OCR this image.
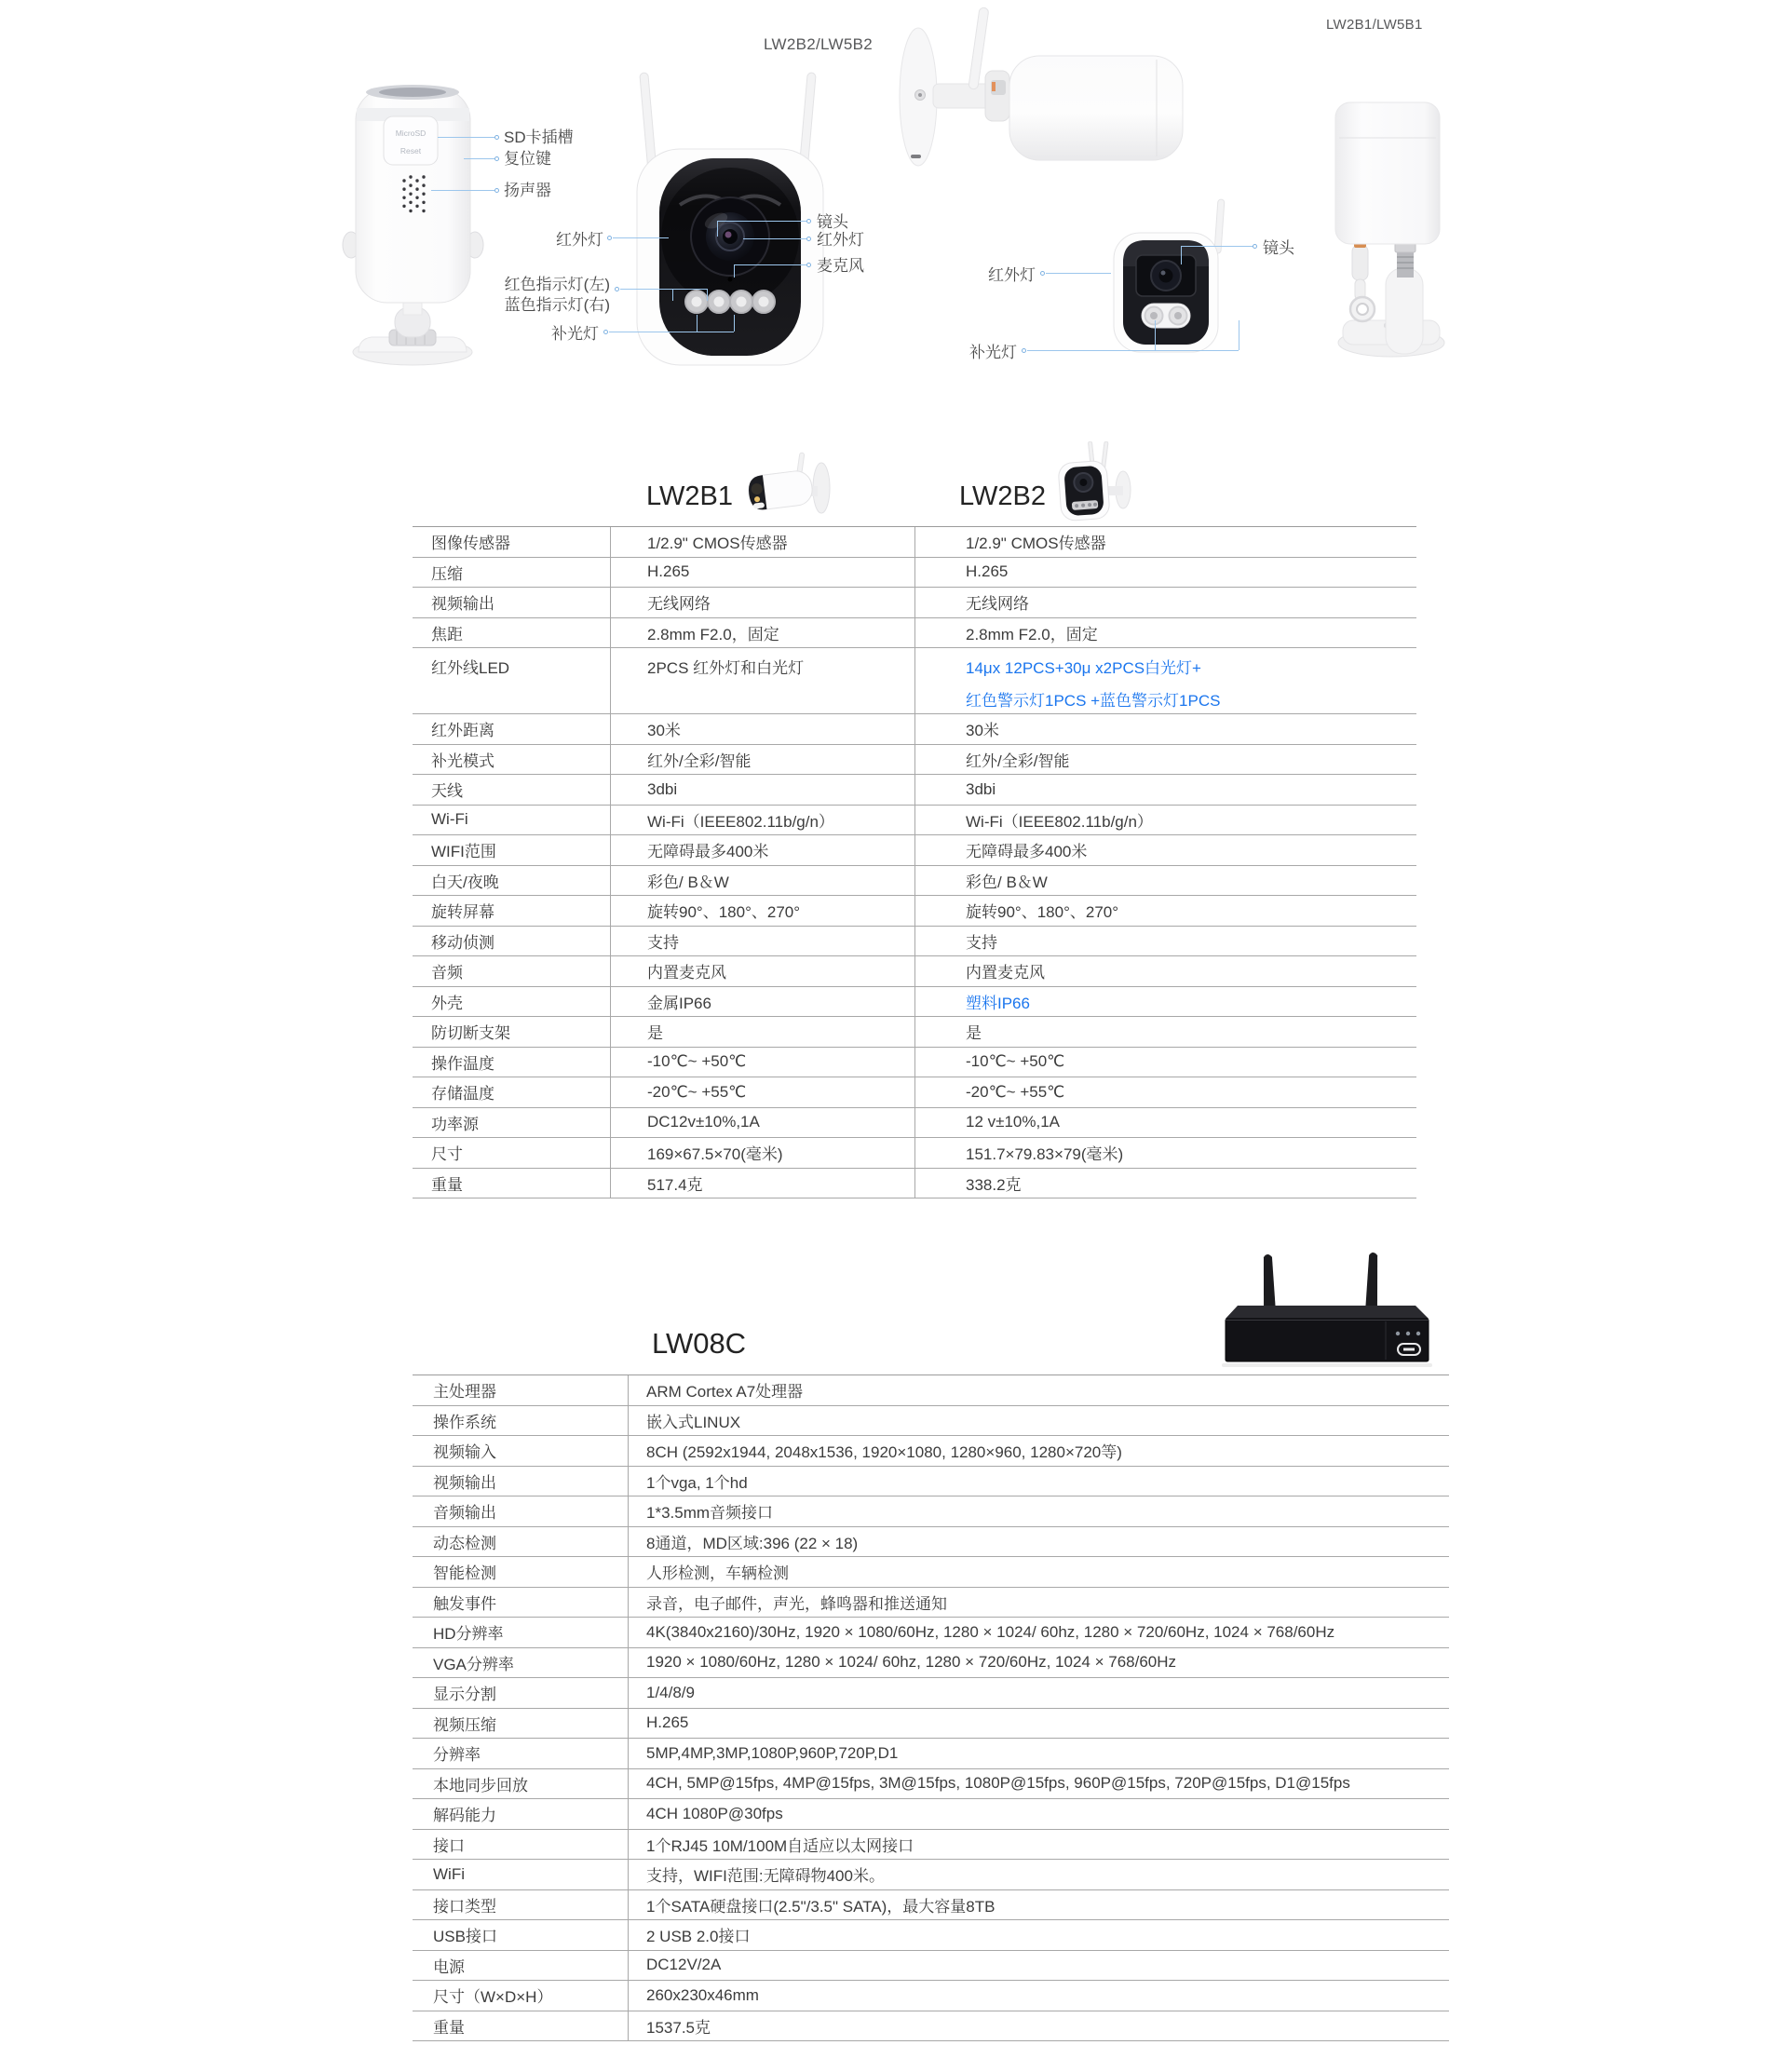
LW2B2/LW5B2
LW2B1/LW5B1
MicroSD
Reset
SD卡插槽
复位键
扬声器
红外灯
镜头
红外灯
麦克风
红色指示灯(左)
蓝色指示灯(右)
补光灯
红外灯
镜头
补光灯
LW2B1	LW2B2
图像传感器	1/2.9" CMOS传感器	1/2.9" CMOS传感器
压缩	H.265	H.265
视频输出	无线网络	无线网络
焦距	2.8mm F2.0，固定	2.8mm F2.0，固定
红外线LED	2PCS 红外灯和白光灯	14μx 12PCS+30μ x2PCS白光灯+
红色警示灯1PCS +蓝色警示灯1PCS
红外距离	30米	30米
补光模式	红外/全彩/智能	红外/全彩/智能
天线	3dbi	3dbi
Wi-Fi	Wi-Fi（IEEE802.11b/g/n）	Wi-Fi（IEEE802.11b/g/n）
WIFI范围	无障碍最多400米	无障碍最多400米
白天/夜晚	彩色/ B＆W	彩色/ B＆W
旋转屏幕	旋转90°、180°、270°	旋转90°、180°、270°
移动侦测	支持	支持
音频	内置麦克风	内置麦克风
外壳	金属IP66	塑料IP66
防切断支架	是	是
操作温度	-10℃~ +50℃	-10℃~ +50℃
存储温度	-20℃~ +55℃	-20℃~ +55℃
功率源	DC12v±10%,1A	12 v±10%,1A
尺寸	169×67.5×70(毫米)	151.7×79.83×79(毫米)
重量	517.4克	338.2克
LW08C
主处理器	ARM Cortex A7处理器
操作系统	嵌入式LINUX
视频输入	8CH (2592x1944, 2048x1536, 1920×1080, 1280×960, 1280×720等)
视频输出	1个vga, 1个hd
音频输出	1*3.5mm音频接口
动态检测	8通道，MD区域:396 (22 × 18)
智能检测	人形检测，车辆检测
触发事件	录音，电子邮件，声光，蜂鸣器和推送通知
HD分辨率	4K(3840x2160)/30Hz, 1920 × 1080/60Hz, 1280 × 1024/ 60hz, 1280 × 720/60Hz, 1024 × 768/60Hz
VGA分辨率	1920 × 1080/60Hz, 1280 × 1024/ 60hz, 1280 × 720/60Hz, 1024 × 768/60Hz
显示分割	1/4/8/9
视频压缩	H.265
分辨率	5MP,4MP,3MP,1080P,960P,720P,D1
本地同步回放	4CH, 5MP@15fps, 4MP@15fps, 3M@15fps, 1080P@15fps, 960P@15fps, 720P@15fps, D1@15fps
解码能力	4CH 1080P@30fps
接口	1个RJ45 10M/100M自适应以太网接口
WiFi	支持，WIFI范围:无障碍物400米。
接口类型	1个SATA硬盘接口(2.5"/3.5" SATA)，最大容量8TB
USB接口	2 USB 2.0接口
电源	DC12V/2A
尺寸（W×D×H）	260x230x46mm
重量	1537.5克
